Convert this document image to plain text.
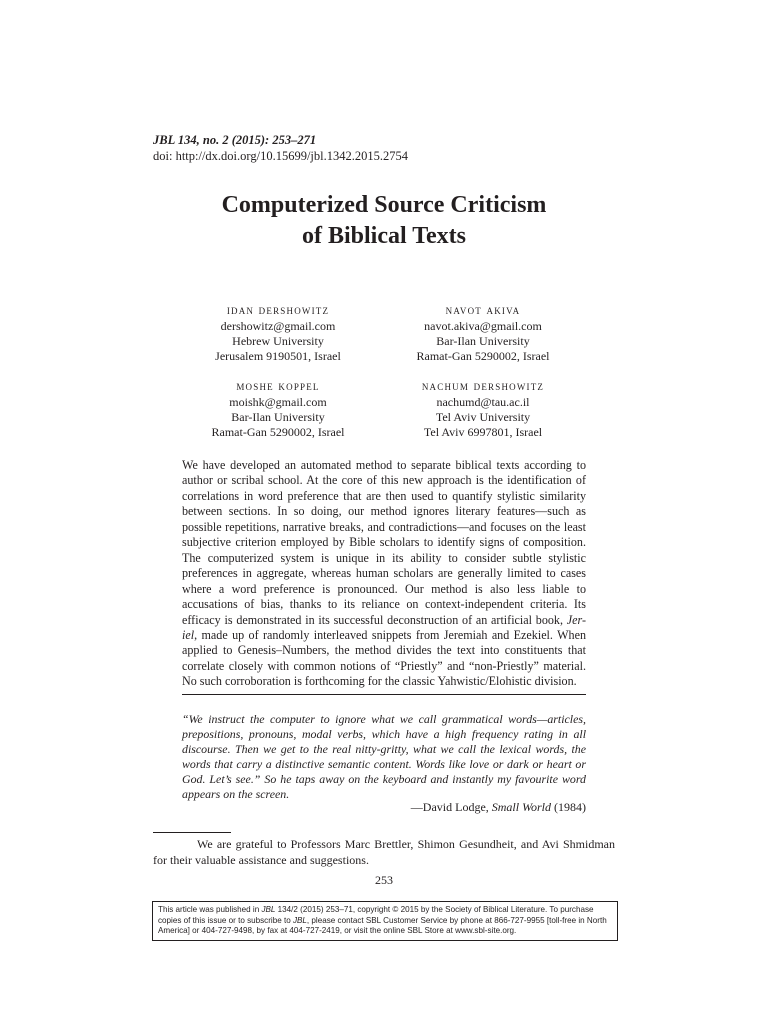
JBL 134, no. 2 (2015): 253–271
doi: http://dx.doi.org/10.15699/jbl.1342.2015.2754
Computerized Source Criticism
of Biblical Texts
idan dershowitz
dershowitz@gmail.com
Hebrew University
Jerusalem 9190501, Israel
navot akiva
navot.akiva@gmail.com
Bar-Ilan University
Ramat-Gan 5290002, Israel
moshe koppel
moishk@gmail.com
Bar-Ilan University
Ramat-Gan 5290002, Israel
nachum dershowitz
nachumd@tau.ac.il
Tel Aviv University
Tel Aviv 6997801, Israel

We have developed an automated method to separate biblical texts according to author or scribal school. At the core of this new approach is the identification of correlations in word preference that are then used to quantify stylistic similarity between sections. In so doing, our method ignores literary features—such as possible repetitions, narrative breaks, and contradictions—and focuses on the least subjective criterion employed by Bible scholars to identify signs of composition. The computerized system is unique in its ability to consider subtle stylistic preferences in aggregate, whereas human scholars are generally limited to cases where a word preference is pronounced. Our method is also less liable to accusations of bias, thanks to its reliance on context-independent criteria. Its efficacy is demonstrated in its successful deconstruction of an artificial book, Jer-iel, made up of randomly interleaved snippets from Jeremiah and Ezekiel. When applied to Genesis–Numbers, the method divides the text into constituents that correlate closely with common notions of “Priestly” and “non-Priestly” material. No such corroboration is forthcoming for the classic Yahwistic/Elohistic division.

“We instruct the computer to ignore what we call grammatical words—articles, prepositions, pronouns, modal verbs, which have a high frequency rating in all discourse. Then we get to the real nitty-gritty, what we call the lexical words, the words that carry a distinctive semantic content. Words like love or dark or heart or God. Let’s see.” So he taps away on the keyboard and instantly my favourite word appears on the screen.

—David Lodge, Small World (1984)

We are grateful to Professors Marc Brettler, Shimon Gesundheit, and Avi Shmidman for their valuable assistance and suggestions.

253
This article was published in JBL 134/2 (2015) 253–71, copyright © 2015 by the Society of Biblical Literature. To purchase copies of this issue or to subscribe to JBL, please contact SBL Customer Service by phone at 866-727-9955 [toll-free in North America] or 404-727-9498, by fax at 404-727-2419, or visit the online SBL Store at www.sbl-site.org.
